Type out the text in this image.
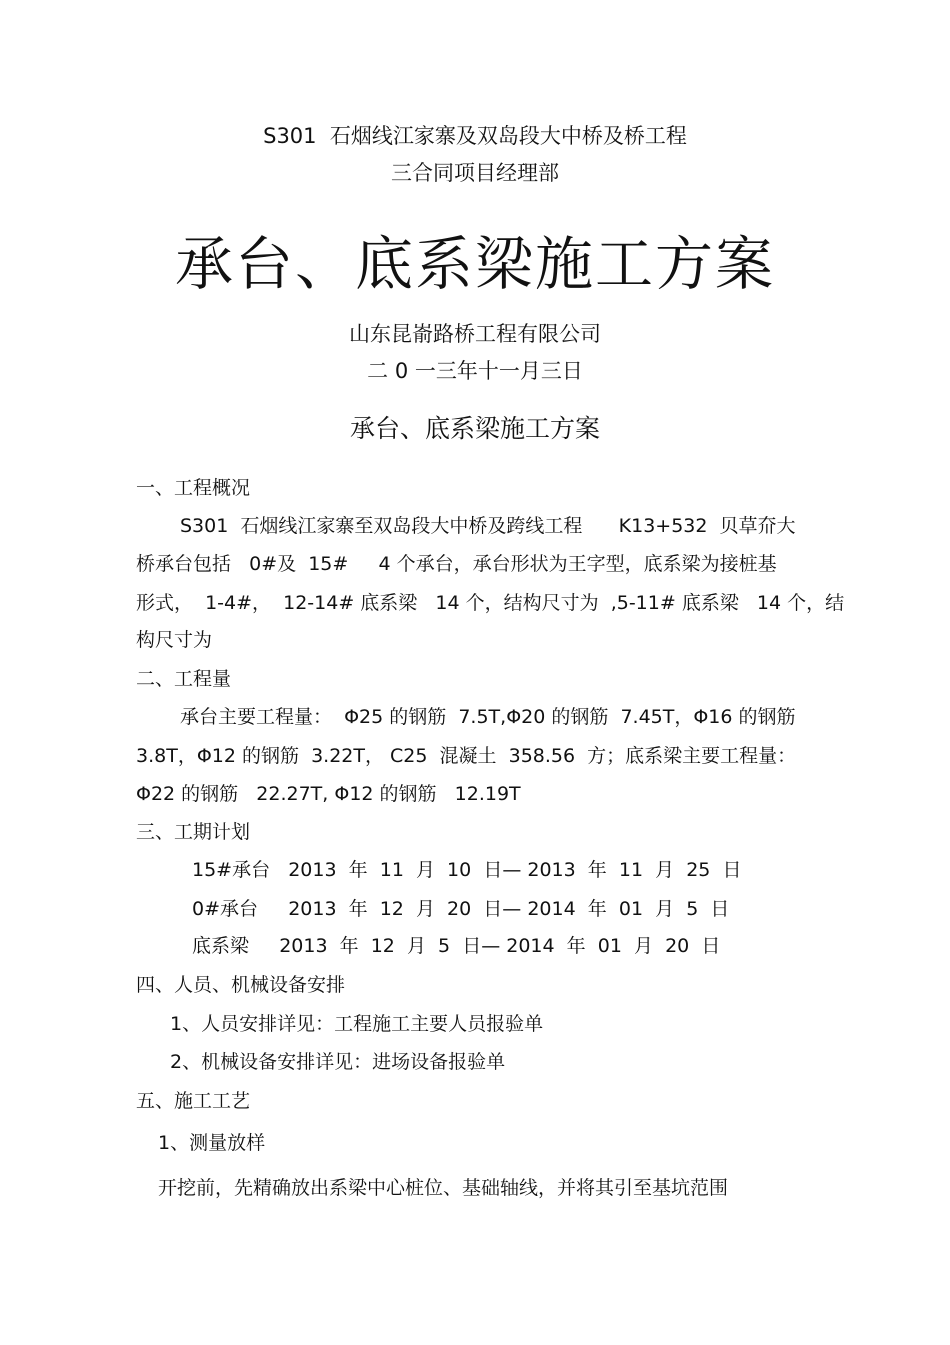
S301  石烟线江家寨及双岛段大中桥及桥工程
三合同项目经理部
承台、底系梁施工方案
山东昆嵛路桥工程有限公司
二 0 一三年十一月三日
承台、底系梁施工方案
一、工程概况
S301  石烟线江家寨至双岛段大中桥及跨线工程      K13+532  贝草夼大
桥承台包括   0#及  15#     4 个承台，承台形状为王字型，底系梁为接桩基
形式，  1-4#，  12-14# 底系梁   14 个，结构尺寸为  ,5-11# 底系梁   14 个，结
构尺寸为
二、工程量
承台主要工程量：  Φ25 的钢筋  7.5T,Φ20 的钢筋  7.45T，Φ16 的钢筋
3.8T，Φ12 的钢筋  3.22T， C25  混凝土  358.56  方；底系梁主要工程量：
Φ22 的钢筋   22.27T, Φ12 的钢筋   12.19T
三、工期计划
15#承台   2013  年  11  月  10  日— 2013  年  11  月  25  日
0#承台     2013  年  12  月  20  日— 2014  年  01  月  5  日
底系梁     2013  年  12  月  5  日— 2014  年  01  月  20  日
四、人员、机械设备安排
1、人员安排详见：工程施工主要人员报验单
2、机械设备安排详见：进场设备报验单
五、施工工艺
1、测量放样
开挖前，先精确放出系梁中心桩位、基础轴线，并将其引至基坑范围
